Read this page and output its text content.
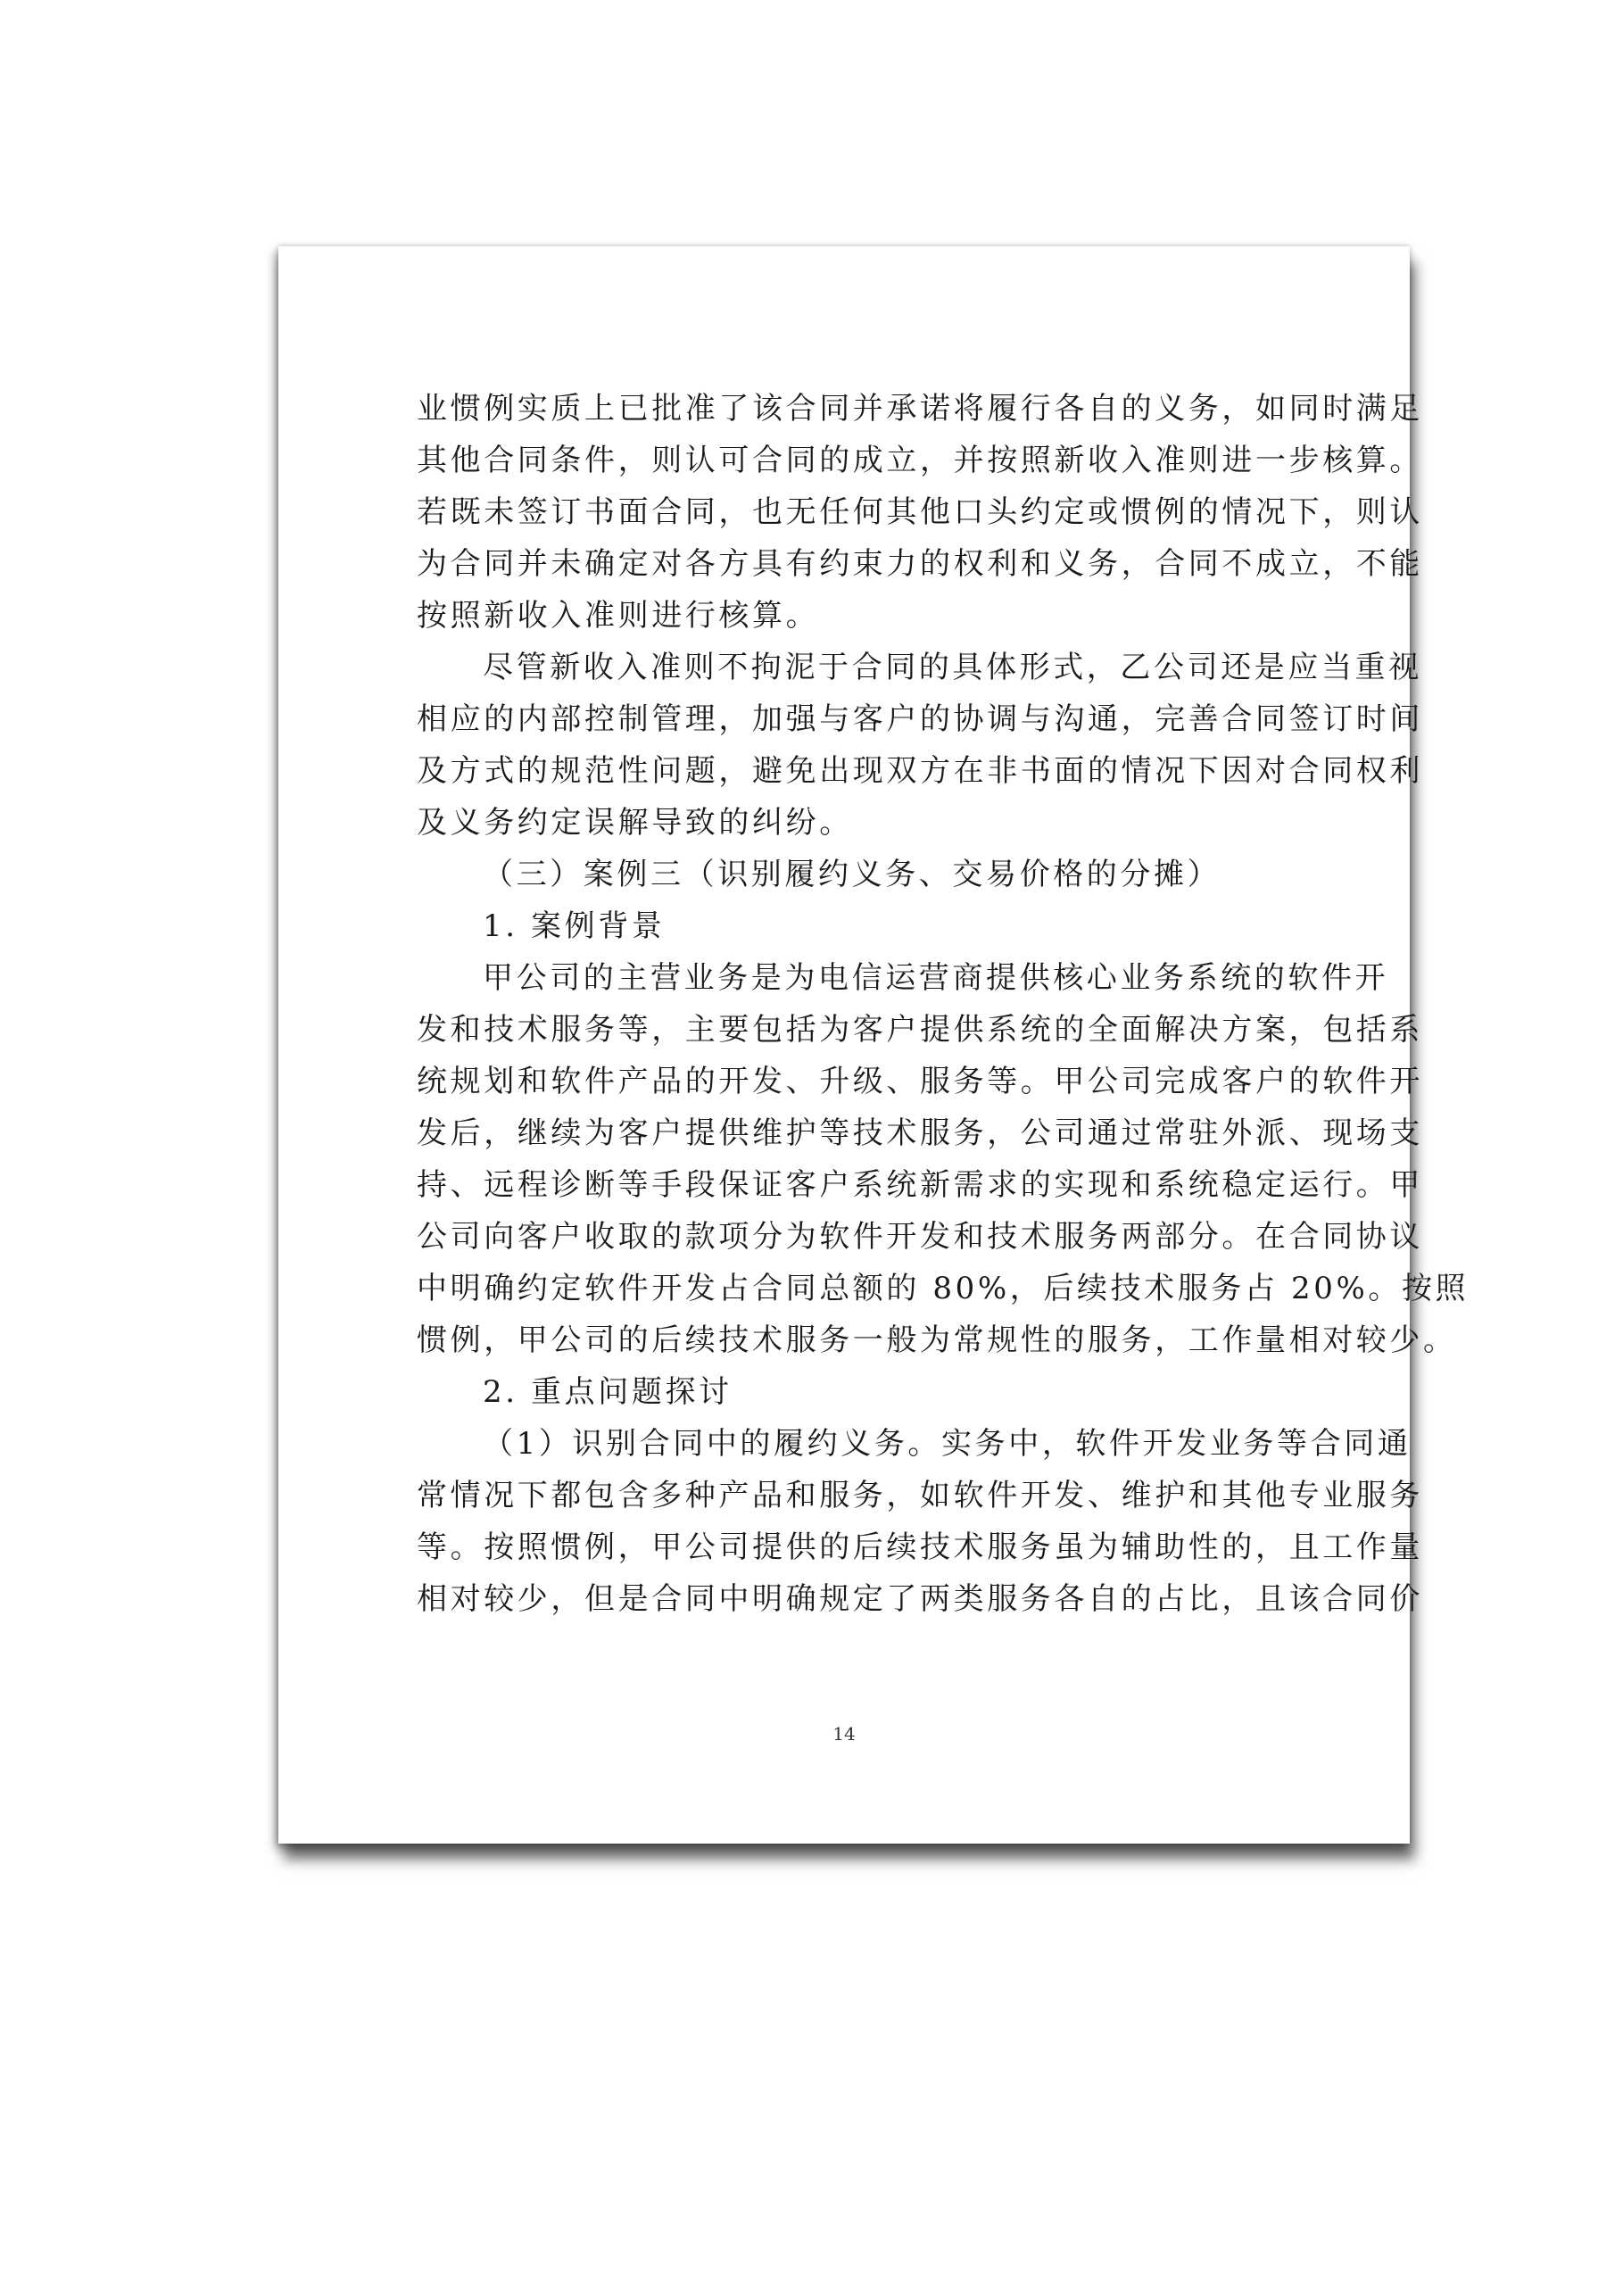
业惯例实质上已批准了该合同并承诺将履行各自的义务，如同时满足
其他合同条件，则认可合同的成立，并按照新收入准则进一步核算。
若既未签订书面合同，也无任何其他口头约定或惯例的情况下，则认
为合同并未确定对各方具有约束力的权利和义务，合同不成立，不能
按照新收入准则进行核算。
尽管新收入准则不拘泥于合同的具体形式，乙公司还是应当重视
相应的内部控制管理，加强与客户的协调与沟通，完善合同签订时间
及方式的规范性问题，避免出现双方在非书面的情况下因对合同权利
及义务约定误解导致的纠纷。
（三）案例三（识别履约义务、交易价格的分摊）
1. 案例背景
甲公司的主营业务是为电信运营商提供核心业务系统的软件开
发和技术服务等，主要包括为客户提供系统的全面解决方案，包括系
统规划和软件产品的开发、升级、服务等。甲公司完成客户的软件开
发后，继续为客户提供维护等技术服务，公司通过常驻外派、现场支
持、远程诊断等手段保证客户系统新需求的实现和系统稳定运行。甲
公司向客户收取的款项分为软件开发和技术服务两部分。在合同协议
中明确约定软件开发占合同总额的 80%，后续技术服务占 20%。按照
惯例，甲公司的后续技术服务一般为常规性的服务，工作量相对较少。
2. 重点问题探讨
（1）识别合同中的履约义务。实务中，软件开发业务等合同通
常情况下都包含多种产品和服务，如软件开发、维护和其他专业服务
等。按照惯例，甲公司提供的后续技术服务虽为辅助性的，且工作量
相对较少，但是合同中明确规定了两类服务各自的占比，且该合同价
14
